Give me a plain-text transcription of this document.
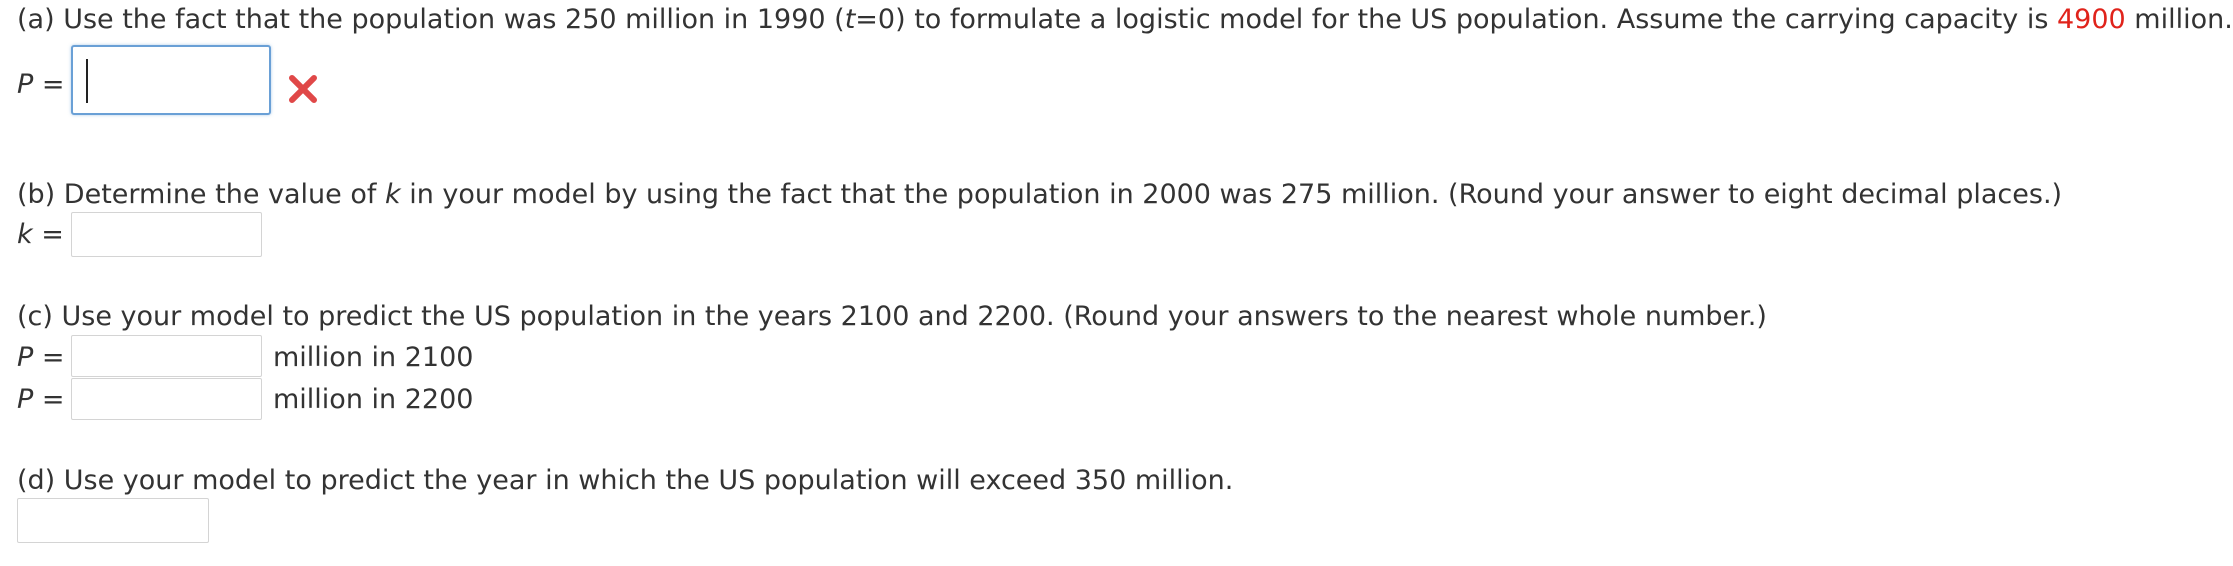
(a) Use the fact that the population was 250 million in 1990 (t=0) to formulate a logistic model for the US population. Assume the carrying capacity is 4900 million.
P =
(b) Determine the value of k in your model by using the fact that the population in 2000 was 275 million. (Round your answer to eight decimal places.)
k =
(c) Use your model to predict the US population in the years 2100 and 2200. (Round your answers to the nearest whole number.)
P =	million in 2100
P =	million in 2200
(d) Use your model to predict the year in which the US population will exceed 350 million.
